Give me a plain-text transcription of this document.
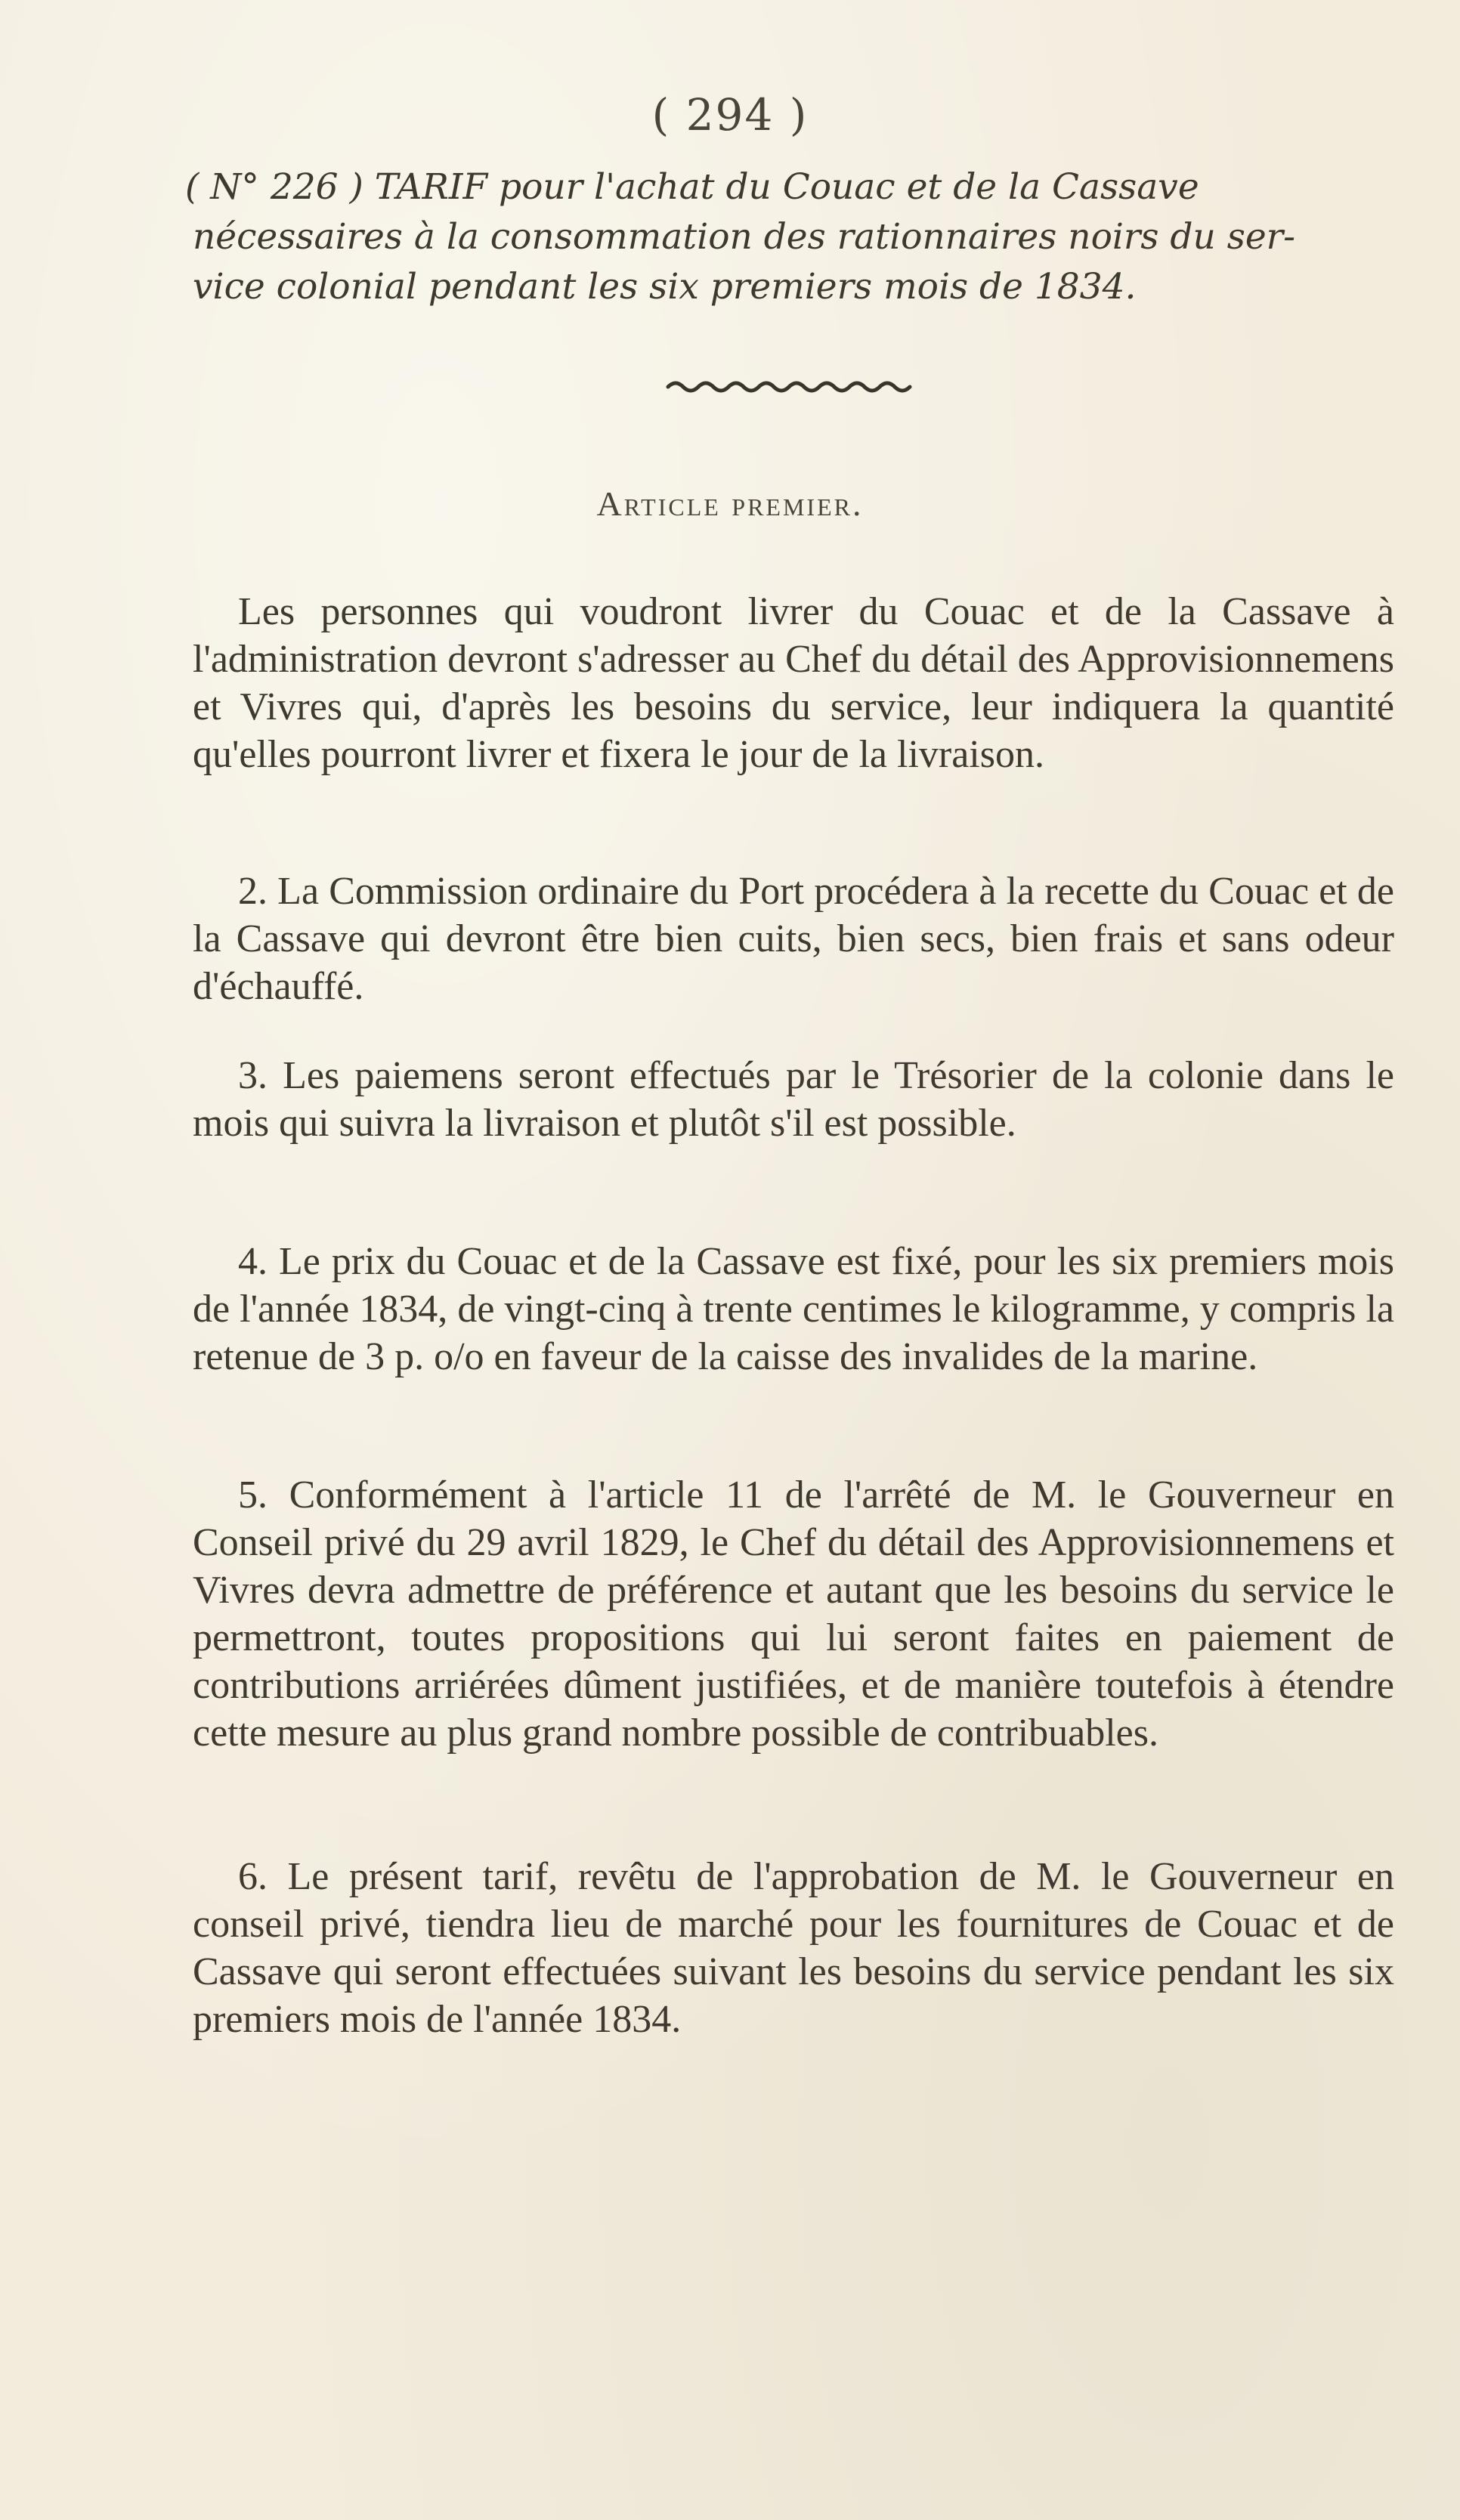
( 294 )
( N° 226 ) TARIF pour l'achat du Couac et de la Cassave
nécessaires à la consommation des rationnaires noirs du ser-
vice colonial pendant les six premiers mois de 1834.
Article premier.

Les personnes qui voudront livrer du Couac et de la Cassave à l'administration devront s'adresser au Chef du détail des Approvisionnemens et Vivres qui, d'après les besoins du service, leur indiquera la quantité qu'elles pourront livrer et fixera le jour de la livraison.

2. La Commission ordinaire du Port procédera à la recette du Couac et de la Cassave qui devront être bien cuits, bien secs, bien frais et sans odeur d'échauffé.

3. Les paiemens seront effectués par le Trésorier de la colonie dans le mois qui suivra la livraison et plutôt s'il est possible.

4. Le prix du Couac et de la Cassave est fixé, pour les six premiers mois de l'année 1834, de vingt-cinq à trente centimes le kilogramme, y compris la retenue de 3 p. o/o en faveur de la caisse des invalides de la marine.

5. Conformément à l'article 11 de l'arrêté de M. le Gouverneur en Conseil privé du 29 avril 1829, le Chef du détail des Approvisionnemens et Vivres devra admettre de préférence et autant que les besoins du service le permettront, toutes propositions qui lui seront faites en paiement de contributions arriérées dûment justifiées, et de manière toutefois à étendre cette mesure au plus grand nombre possible de contribuables.

6. Le présent tarif, revêtu de l'approbation de M. le Gouverneur en conseil privé, tiendra lieu de marché pour les fournitures de Couac et de Cassave qui seront effectuées suivant les besoins du service pendant les six premiers mois de l'année 1834.
